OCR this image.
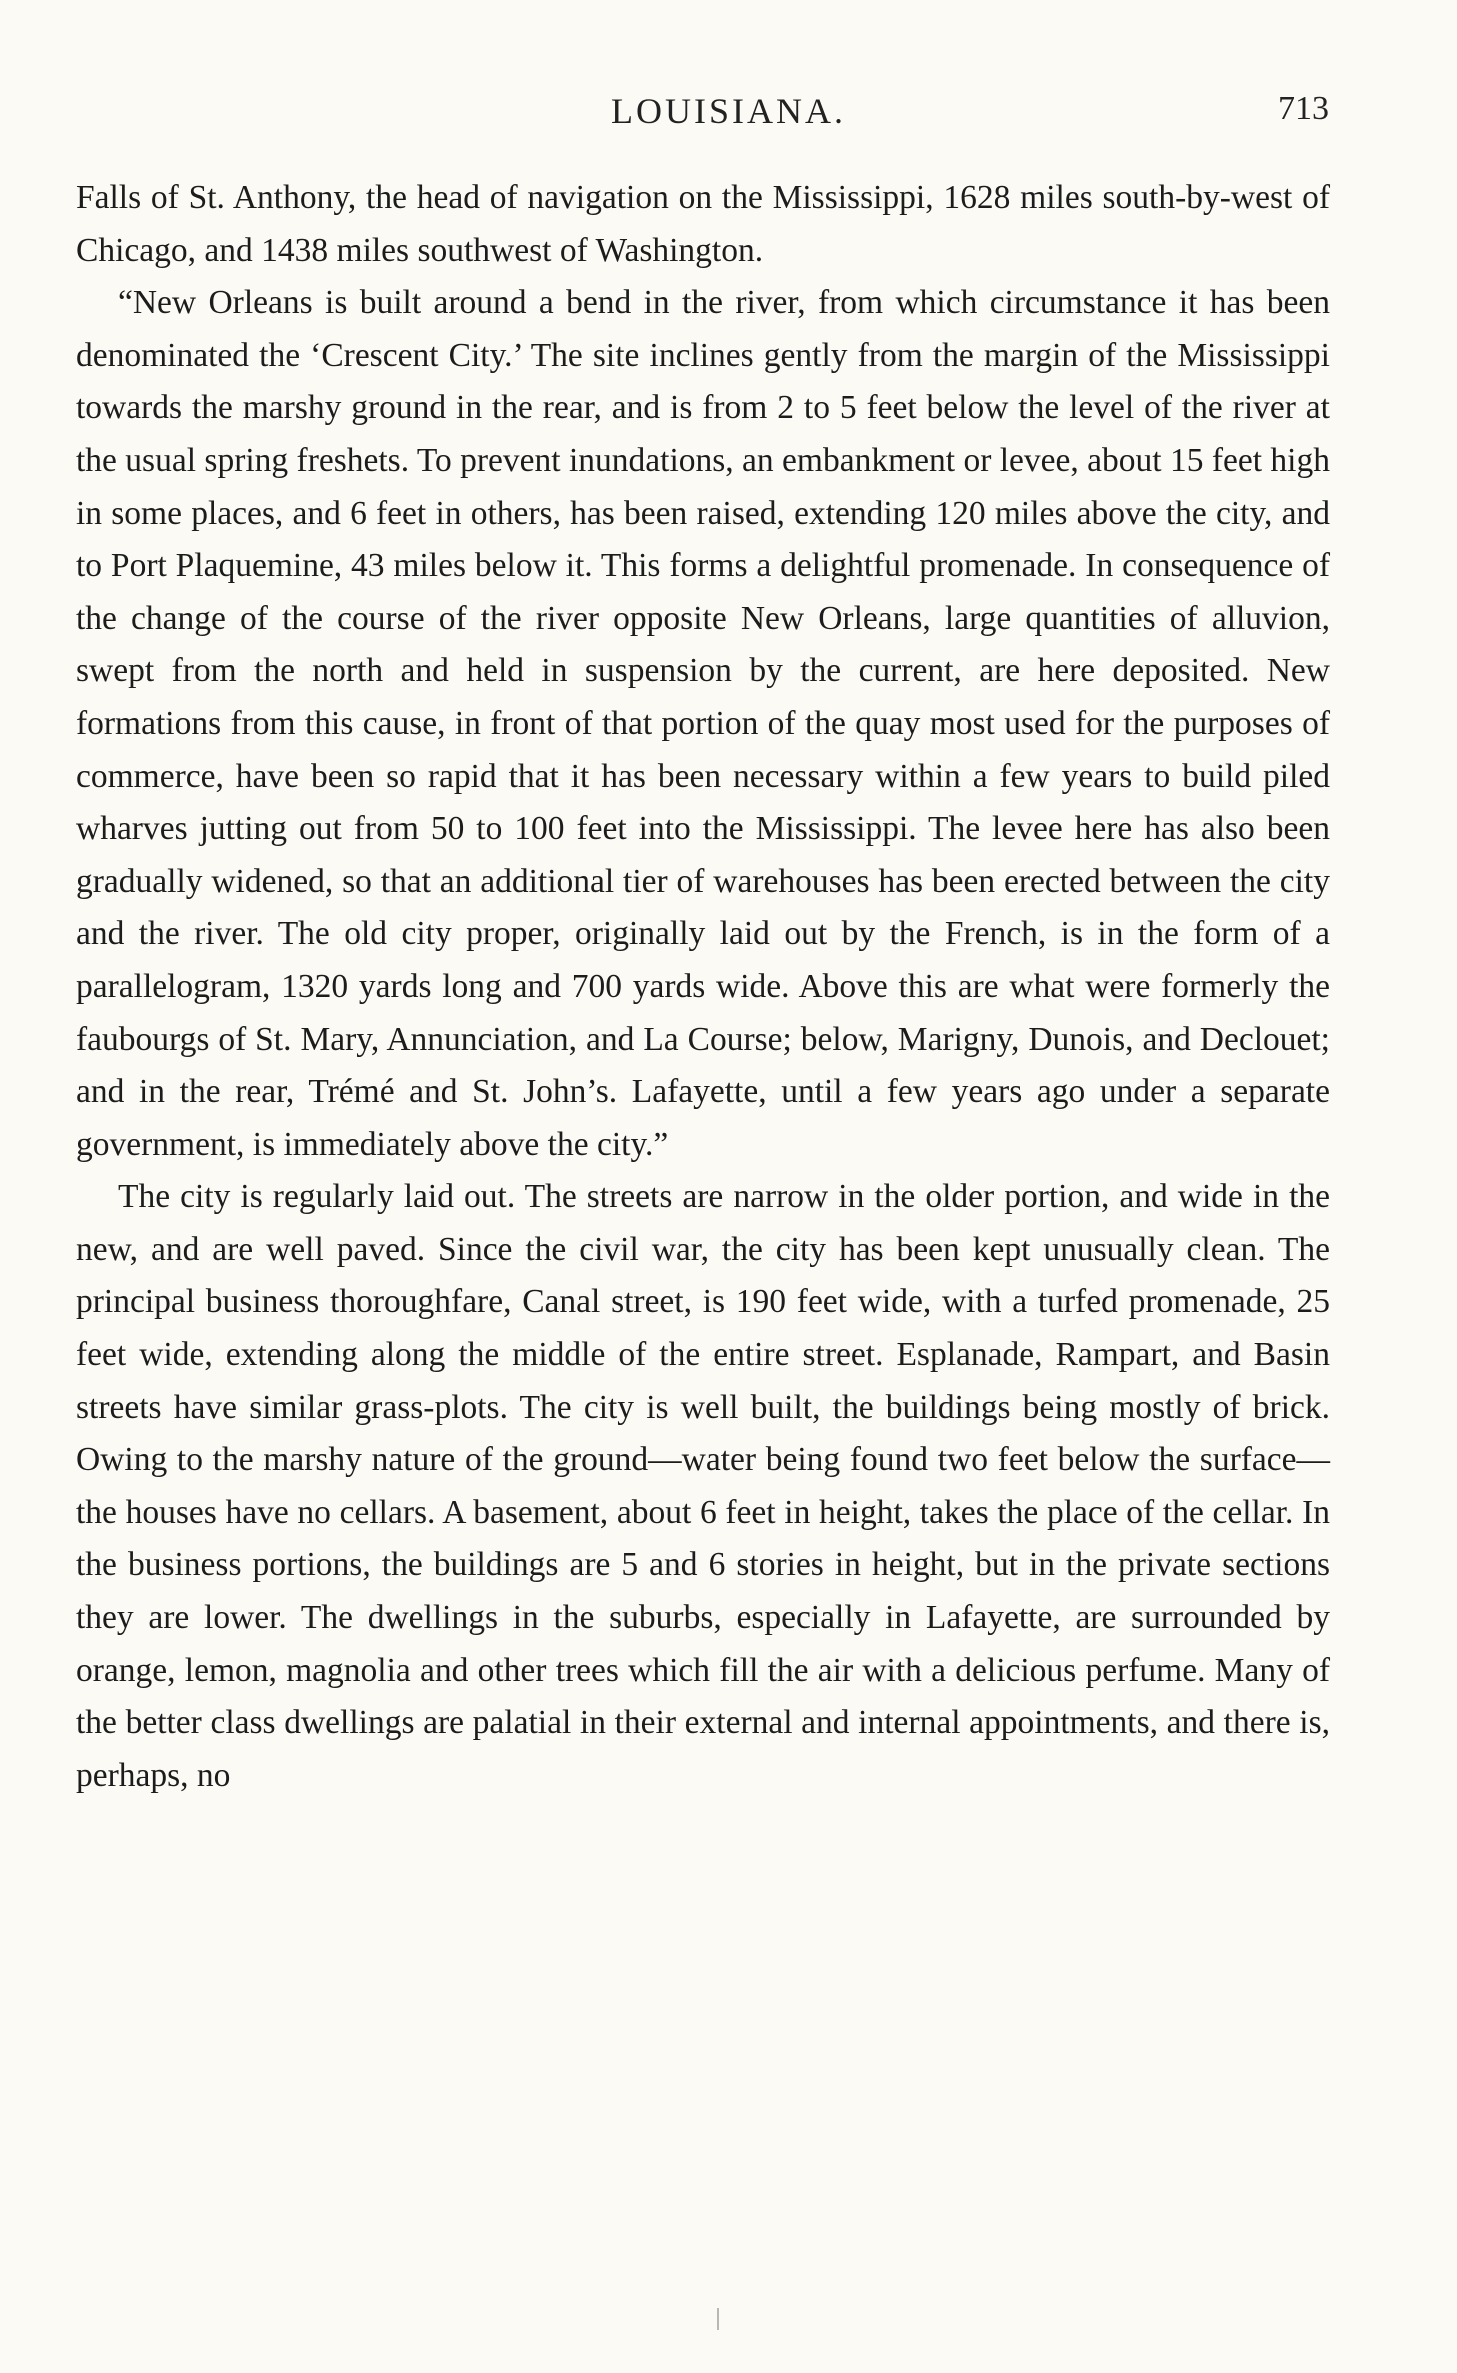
LOUISIANA.	713

Falls of St. Anthony, the head of navigation on the Mississippi, 1628 miles south-by-west of Chicago, and 1438 miles southwest of Washington.

“New Orleans is built around a bend in the river, from which circumstance it has been denominated the ‘Crescent City.’ The site inclines gently from the margin of the Mississippi towards the marshy ground in the rear, and is from 2 to 5 feet below the level of the river at the usual spring freshets. To prevent inundations, an embankment or levee, about 15 feet high in some places, and 6 feet in others, has been raised, extending 120 miles above the city, and to Port Plaquemine, 43 miles below it. This forms a delightful promenade. In consequence of the change of the course of the river opposite New Orleans, large quantities of alluvion, swept from the north and held in suspension by the current, are here deposited. New formations from this cause, in front of that portion of the quay most used for the purposes of commerce, have been so rapid that it has been necessary within a few years to build piled wharves jutting out from 50 to 100 feet into the Mississippi. The levee here has also been gradually widened, so that an additional tier of warehouses has been erected between the city and the river. The old city proper, originally laid out by the French, is in the form of a parallelogram, 1320 yards long and 700 yards wide. Above this are what were formerly the faubourgs of St. Mary, Annunciation, and La Course; below, Marigny, Dunois, and Declouet; and in the rear, Trémé and St. John’s. Lafayette, until a few years ago under a separate government, is immediately above the city.”

The city is regularly laid out. The streets are narrow in the older portion, and wide in the new, and are well paved. Since the civil war, the city has been kept unusually clean. The principal business thoroughfare, Canal street, is 190 feet wide, with a turfed promenade, 25 feet wide, extending along the middle of the entire street. Esplanade, Rampart, and Basin streets have similar grass-plots. The city is well built, the buildings being mostly of brick. Owing to the marshy nature of the ground—water being found two feet below the surface—the houses have no cellars. A basement, about 6 feet in height, takes the place of the cellar. In the business portions, the buildings are 5 and 6 stories in height, but in the private sections they are lower. The dwellings in the suburbs, especially in Lafayette, are surrounded by orange, lemon, magnolia and other trees which fill the air with a delicious perfume. Many of the better class dwellings are palatial in their external and internal appointments, and there is, perhaps, no
